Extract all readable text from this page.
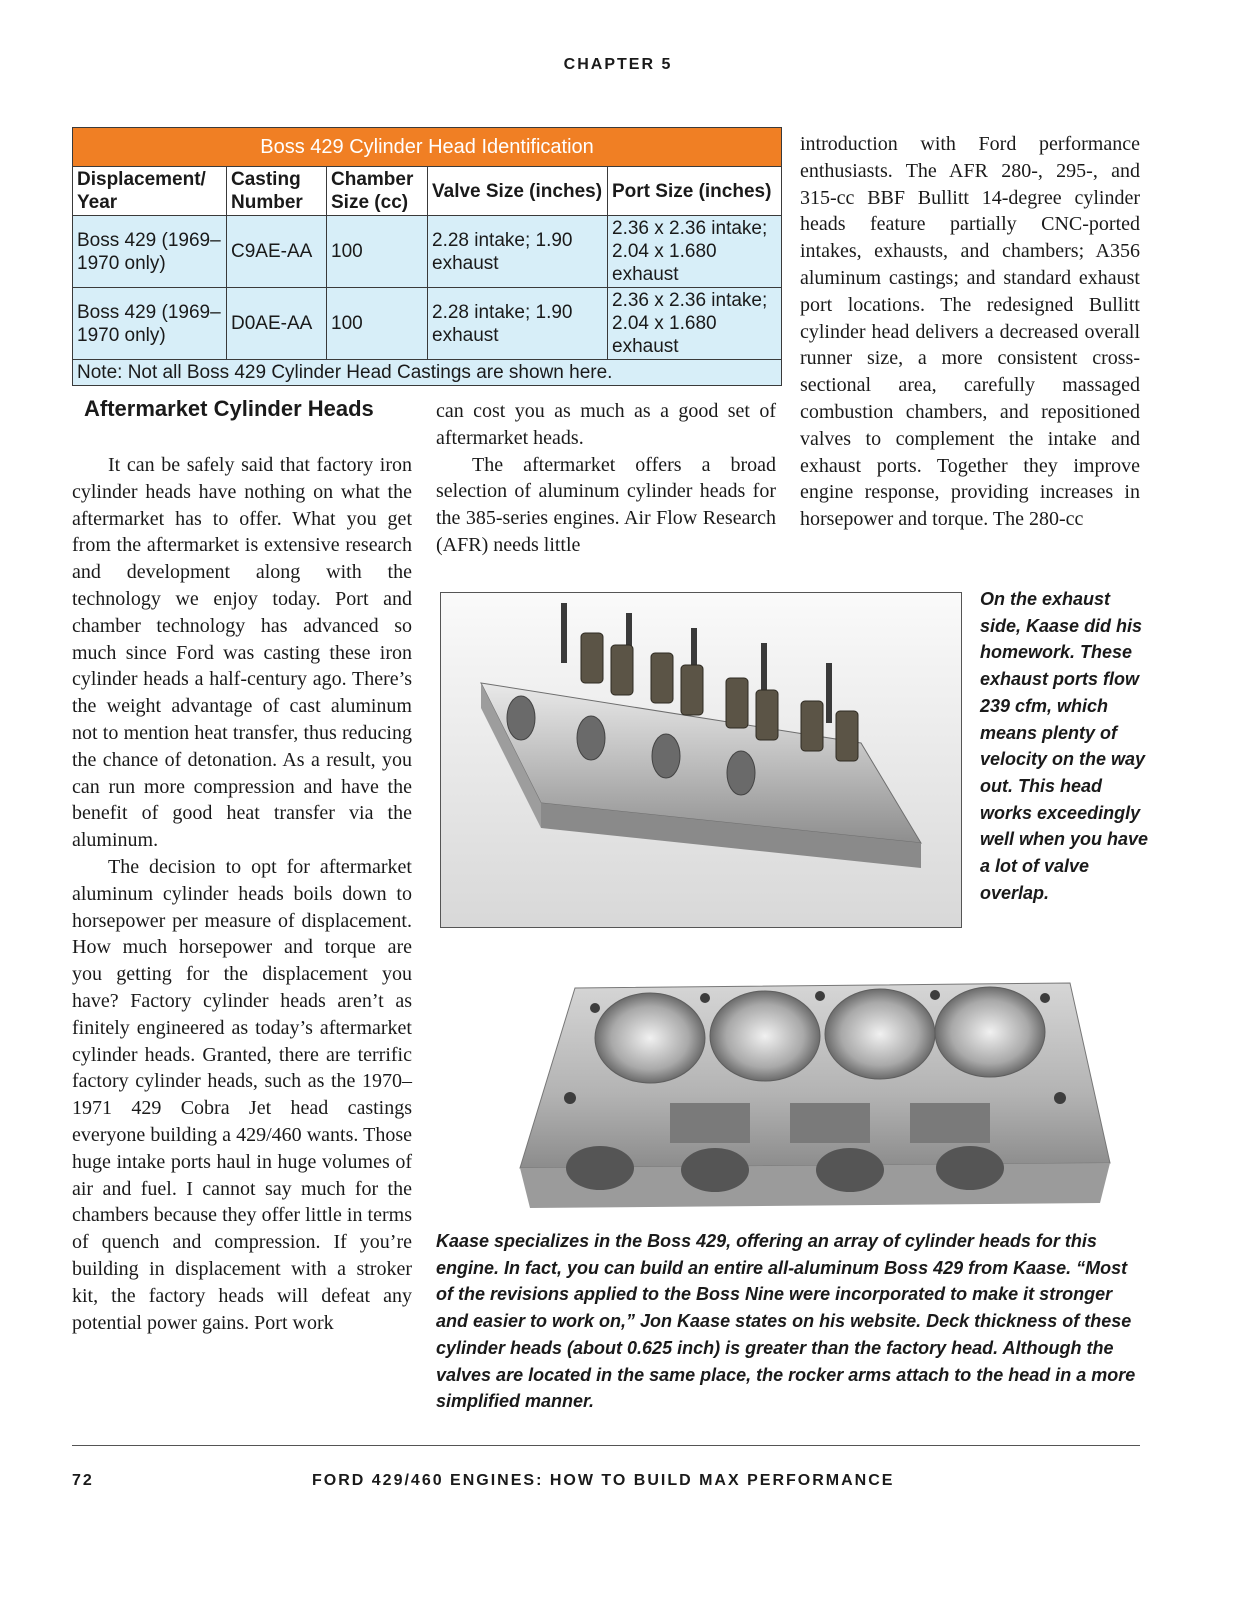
CHAPTER 5
Boss 429 Cylinder Head Identification				
Displacement/ Year	Casting Number	Chamber Size (cc)	Valve Size (inches)	Port Size (inches)
Boss 429 (1969–1970 only)	C9AE-AA	100	2.28 intake; 1.90 exhaust	2.36 x 2.36 intake; 2.04 x 1.680 exhaust
Boss 429 (1969–1970 only)	D0AE-AA	100	2.28 intake; 1.90 exhaust	2.36 x 2.36 intake; 2.04 x 1.680 exhaust
Note: Not all Boss 429 Cylinder Head Castings are shown here.				
Aftermarket Cylinder Heads

It can be safely said that factory iron cylinder heads have nothing on what the aftermarket has to offer. What you get from the aftermarket is extensive research and development along with the technology we enjoy today. Port and chamber technology has advanced so much since Ford was casting these iron cylinder heads a half-century ago. There’s the weight advantage of cast aluminum not to mention heat transfer, thus reducing the chance of detonation. As a result, you can run more compression and have the benefit of good heat transfer via the aluminum.

The decision to opt for aftermarket aluminum cylinder heads boils down to horsepower per measure of displacement. How much horsepower and torque are you getting for the displacement you have? Factory cylinder heads aren’t as finitely engineered as today’s aftermarket cylinder heads. Granted, there are terrific factory cylinder heads, such as the 1970–1971 429 Cobra Jet head castings everyone building a 429/460 wants. Those huge intake ports haul in huge volumes of air and fuel. I cannot say much for the chambers because they offer little in terms of quench and compression. If you’re building in displacement with a stroker kit, the factory heads will defeat any potential power gains. Port work

can cost you as much as a good set of aftermarket heads.

The aftermarket offers a broad selection of aluminum cylinder heads for the 385-series engines. Air Flow Research (AFR) needs little

introduction with Ford performance enthusiasts. The AFR 280-, 295-, and 315-cc BBF Bullitt 14-degree cylinder heads feature partially CNC-ported intakes, exhausts, and chambers; A356 aluminum castings; and standard exhaust port locations. The redesigned Bullitt cylinder head delivers a decreased overall runner size, a more consistent cross-sectional area, carefully massaged combustion chambers, and repositioned valves to complement the intake and exhaust ports. Together they improve engine response, providing increases in horsepower and torque. The 280-cc

On the exhaust side, Kaase did his homework. These exhaust ports flow 239 cfm, which means plenty of velocity on the way out. This head works exceedingly well when you have a lot of valve overlap.
Kaase specializes in the Boss 429, offering an array of cylinder heads for this engine. In fact, you can build an entire all-aluminum Boss 429 from Kaase. “Most of the revisions applied to the Boss Nine were incorporated to make it stronger and easier to work on,” Jon Kaase states on his website. Deck thickness of these cylinder heads (about 0.625 inch) is greater than the factory head. Although the valves are located in the same place, the rocker arms attach to the head in a more simplified manner.
72	FORD 429/460 ENGINES: HOW TO BUILD MAX PERFORMANCE
